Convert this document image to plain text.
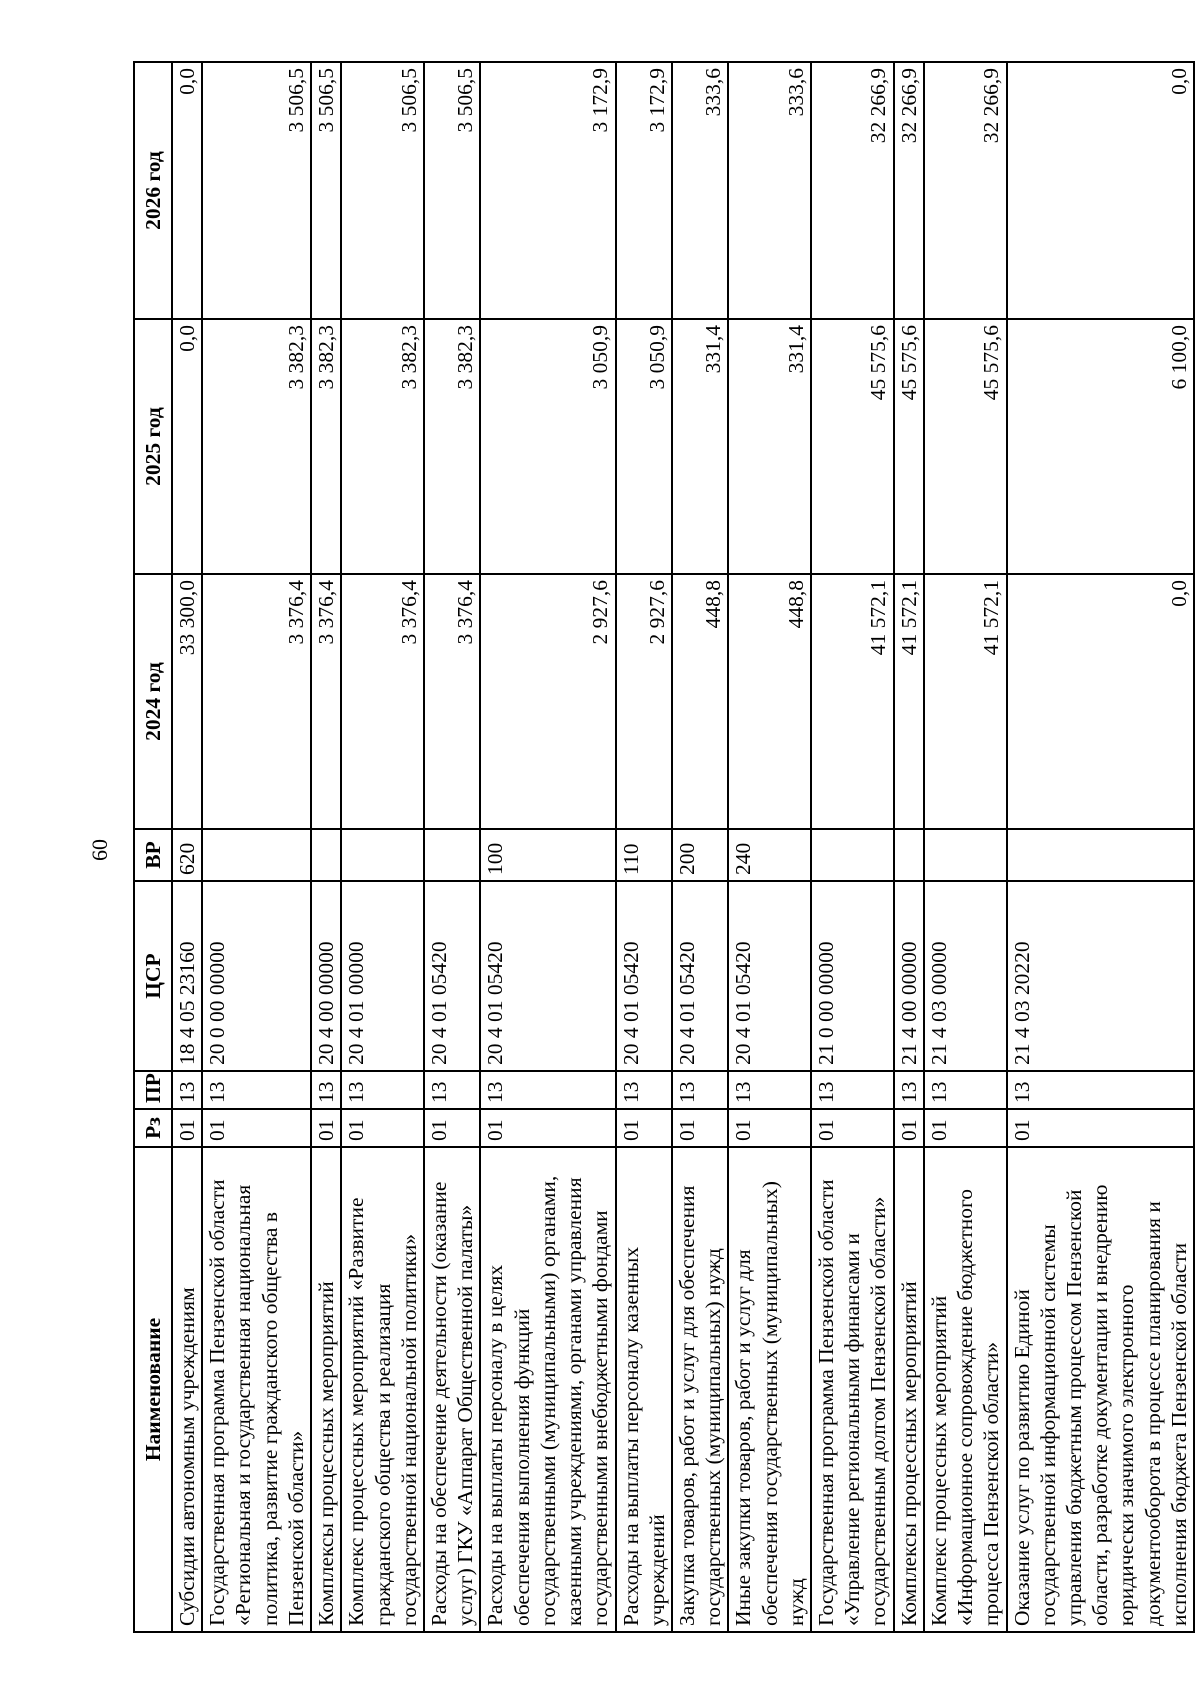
60
Наименование	Рз	ПР	ЦСР	ВР	2024 год	2025 год	2026 год
Субсидии автономным учреждениям	01	13	18 4 05 23160	620	33 300,0	0,0	0,0
Государственная программа Пензенской области «Региональная и государственная национальная политика, развитие гражданского общества в Пензенской области»	01	13	20 0 00 00000		3 376,4	3 382,3	3 506,5
Комплексы процессных мероприятий	01	13	20 4 00 00000		3 376,4	3 382,3	3 506,5
Комплекс процессных мероприятий «Развитие гражданского общества и реализация государственной национальной политики»	01	13	20 4 01 00000		3 376,4	3 382,3	3 506,5
Расходы на обеспечение деятельности (оказание услуг) ГКУ «Аппарат Общественной палаты»	01	13	20 4 01 05420		3 376,4	3 382,3	3 506,5
Расходы на выплаты персоналу в целях обеспечения выполнения функций государственными (муниципальными) органами, казенными учреждениями, органами управления государственными внебюджетными фондами	01	13	20 4 01 05420	100	2 927,6	3 050,9	3 172,9
Расходы на выплаты персоналу казенных учреждений	01	13	20 4 01 05420	110	2 927,6	3 050,9	3 172,9
Закупка товаров, работ и услуг для обеспечения государственных (муниципальных) нужд	01	13	20 4 01 05420	200	448,8	331,4	333,6
Иные закупки товаров, работ и услуг для обеспечения государственных (муниципальных) нужд	01	13	20 4 01 05420	240	448,8	331,4	333,6
Государственная программа Пензенской области «Управление региональными финансами и государственным долгом Пензенской области»	01	13	21 0 00 00000		41 572,1	45 575,6	32 266,9
Комплексы процессных мероприятий	01	13	21 4 00 00000		41 572,1	45 575,6	32 266,9
Комплекс процессных мероприятий «Информационное сопровождение бюджетного процесса Пензенской области»	01	13	21 4 03 00000		41 572,1	45 575,6	32 266,9
Оказание услуг по развитию Единой государственной информационной системы управления бюджетным процессом Пензенской области, разработке документации и внедрению юридически значимого электронного документооборота в процессе планирования и исполнения бюджета Пензенской области	01	13	21 4 03 20220		0,0	6 100,0	0,0
